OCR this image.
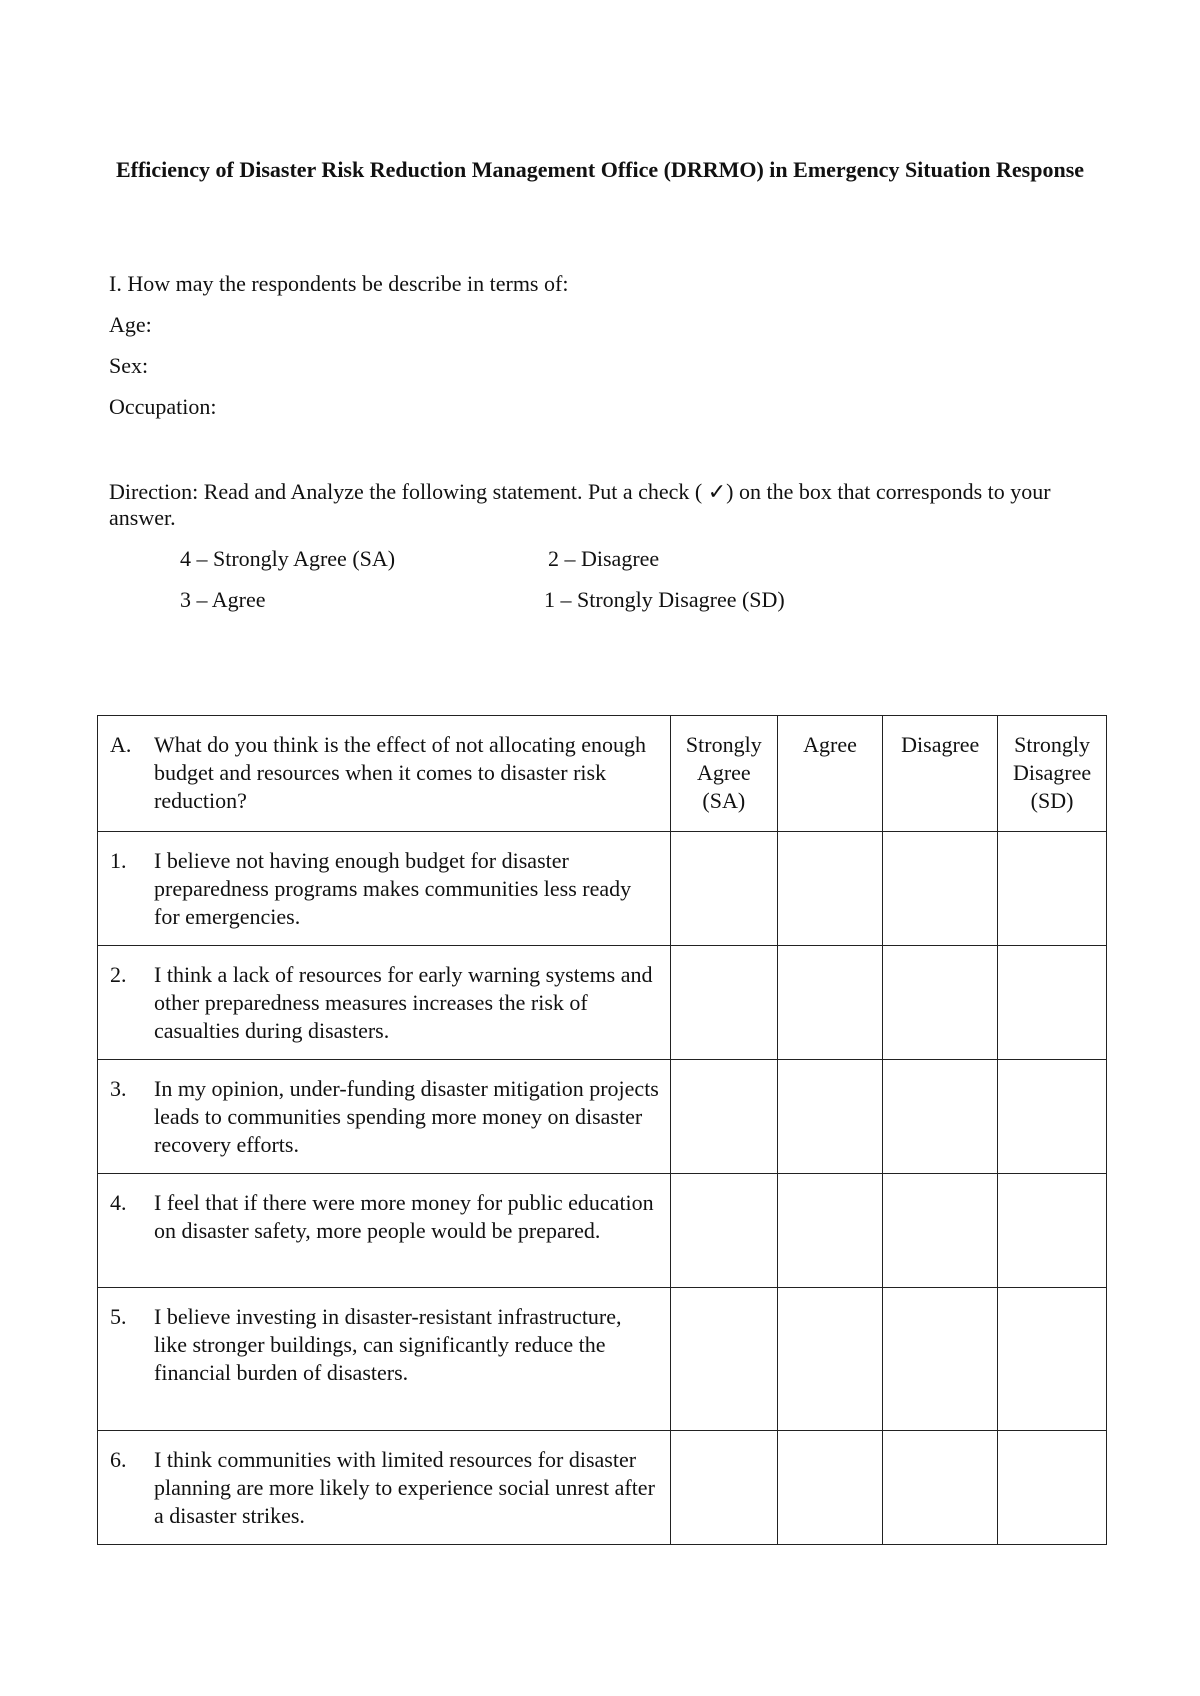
Efficiency of Disaster Risk Reduction Management Office (DRRMO) in Emergency Situation Response
I. How may the respondents be describe in terms of:
Age:
Sex:
Occupation:
Direction: Read and Analyze the following statement. Put a check ( ✓) on the box that corresponds to your answer.
4 – Strongly Agree (SA)	2 – Disagree
3 – Agree	1 – Strongly Disagree (SD)
A. What do you think is the effect of not allocating enough budget and resources when it comes to disaster risk reduction?	Strongly Agree (SA)	Agree	Disagree	Strongly Disagree (SD)

1. I believe not having enough budget for disaster preparedness programs makes communities less ready for emergencies.				

2. I think a lack of resources for early warning systems and other preparedness measures increases the risk of casualties during disasters.				

3. In my opinion, under-funding disaster mitigation projects leads to communities spending more money on disaster recovery efforts.				

4. I feel that if there were more money for public education on disaster safety, more people would be prepared.				

5. I believe investing in disaster-resistant infrastructure, like stronger buildings, can significantly reduce the financial burden of disasters.				

6. I think communities with limited resources for disaster planning are more likely to experience social unrest after a disaster strikes.				
